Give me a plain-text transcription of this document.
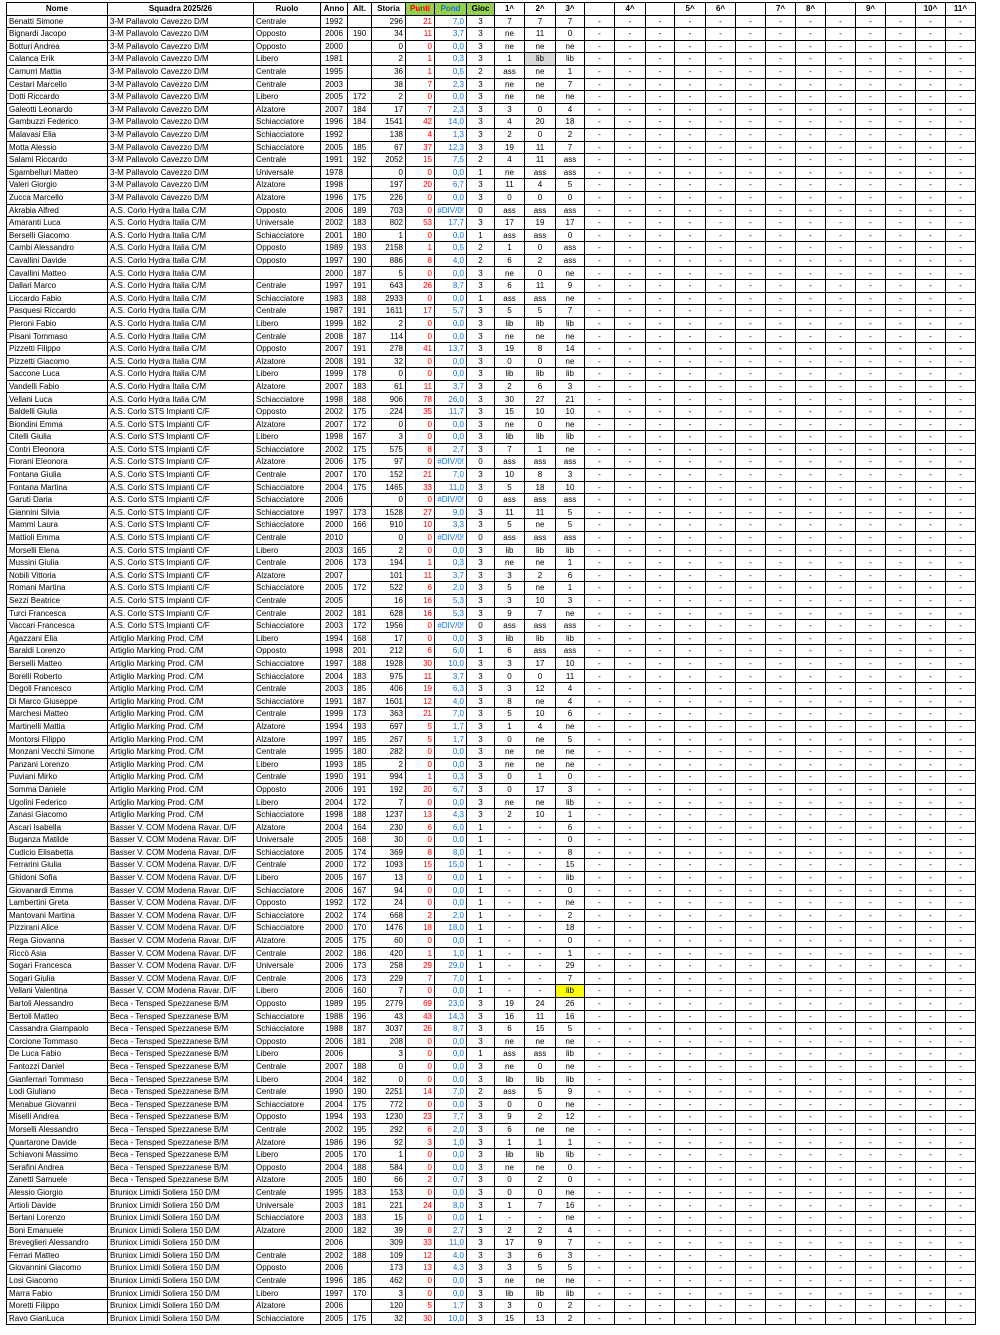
Nome	Squadra 2025/26	Ruolo	Anno	Alt.	Storia	Punti	Pond	Gioc	1^	2^	3^		4^		5^	6^		7^	8^		9^		10^	11^
Benatti Simone	3-M Pallavolo Cavezzo D/M	Centrale	1992		296	21	7,0	3	7	7	7	-	-	-	-	-	-	-	-	-	-	-	-	-
Bignardi Jacopo	3-M Pallavolo Cavezzo D/M	Opposto	2006	190	34	11	3,7	3	ne	11	0	-	-	-	-	-	-	-	-	-	-	-	-	-
Botturi Andrea	3-M Pallavolo Cavezzo D/M	Opposto	2000		0	0	0,0	3	ne	ne	ne	-	-	-	-	-	-	-	-	-	-	-	-	-
Calanca Erik	3-M Pallavolo Cavezzo D/M	Libero	1981		2	1	0,3	3	1	lib	lib	-	-	-	-	-	-	-	-	-	-	-	-	-
Camurri Mattia	3-M Pallavolo Cavezzo D/M	Centrale	1995		36	1	0,5	2	ass	ne	1	-	-	-	-	-	-	-	-	-	-	-	-	-
Cestari Marcello	3-M Pallavolo Cavezzo D/M	Centrale	2003		38	7	2,3	3	ne	ne	7	-	-	-	-	-	-	-	-	-	-	-	-	-
Dotti Riccardo	3-M Pallavolo Cavezzo D/M	Libero	2005	172	2	0	0,0	3	ne	ne	ne	-	-	-	-	-	-	-	-	-	-	-	-	-
Galeotti Leonardo	3-M Pallavolo Cavezzo D/M	Alzatore	2007	184	17	7	2,3	3	3	0	4	-	-	-	-	-	-	-	-	-	-	-	-	-
Gambuzzi Federico	3-M Pallavolo Cavezzo D/M	Schiacciatore	1996	184	1541	42	14,0	3	4	20	18	-	-	-	-	-	-	-	-	-	-	-	-	-
Malavasi Elia	3-M Pallavolo Cavezzo D/M	Schiacciatore	1992		138	4	1,3	3	2	0	2	-	-	-	-	-	-	-	-	-	-	-	-	-
Motta Alessio	3-M Pallavolo Cavezzo D/M	Schiacciatore	2005	185	67	37	12,3	3	19	11	7	-	-	-	-	-	-	-	-	-	-	-	-	-
Salami Riccardo	3-M Pallavolo Cavezzo D/M	Centrale	1991	192	2052	15	7,5	2	4	11	ass	-	-	-	-	-	-	-	-	-	-	-	-	-
Sgambelluri Matteo	3-M Pallavolo Cavezzo D/M	Universale	1978		0	0	0,0	1	ne	ass	ass	-	-	-	-	-	-	-	-	-	-	-	-	-
Valeri Giorgio	3-M Pallavolo Cavezzo D/M	Alzatore	1998		197	20	6,7	3	11	4	5	-	-	-	-	-	-	-	-	-	-	-	-	-
Zucca Marcello	3-M Pallavolo Cavezzo D/M	Alzatore	1996	175	226	0	0,0	3	0	0	0	-	-	-	-	-	-	-	-	-	-	-	-	-
Akrabia Alfred	A.S. Corlo Hydra Italia C/M	Opposto	2006	189	703	0	#DIV/0!	0	ass	ass	ass	-	-	-	-	-	-	-	-	-	-	-	-	-
Amaranti Luca	A.S. Corlo Hydra Italia C/M	Universale	2002	183	802	53	17,7	3	17	19	17	-	-	-	-	-	-	-	-	-	-	-	-	-
Berselli Giacomo	A.S. Corlo Hydra Italia C/M	Schiacciatore	2001	180	1	0	0,0	1	ass	ass	0	-	-	-	-	-	-	-	-	-	-	-	-	-
Cambi Alessandro	A.S. Corlo Hydra Italia C/M	Opposto	1989	193	2158	1	0,5	2	1	0	ass	-	-	-	-	-	-	-	-	-	-	-	-	-
Cavallini Davide	A.S. Corlo Hydra Italia C/M	Opposto	1997	190	886	8	4,0	2	6	2	ass	-	-	-	-	-	-	-	-	-	-	-	-	-
Cavallini Matteo	A.S. Corlo Hydra Italia C/M		2000	187	5	0	0,0	3	ne	0	ne	-	-	-	-	-	-	-	-	-	-	-	-	-
Dallari Marco	A.S. Corlo Hydra Italia C/M	Centrale	1997	191	643	26	8,7	3	6	11	9	-	-	-	-	-	-	-	-	-	-	-	-	-
Liccardo Fabio	A.S. Corlo Hydra Italia C/M	Schiacciatore	1983	188	2933	0	0,0	1	ass	ass	ne	-	-	-	-	-	-	-	-	-	-	-	-	-
Pasquesi Riccardo	A.S. Corlo Hydra Italia C/M	Centrale	1987	191	1611	17	5,7	3	5	5	7	-	-	-	-	-	-	-	-	-	-	-	-	-
Pieroni Fabio	A.S. Corlo Hydra Italia C/M	Libero	1999	182	2	0	0,0	3	lib	lib	lib	-	-	-	-	-	-	-	-	-	-	-	-	-
Pisani Tommaso	A.S. Corlo Hydra Italia C/M	Centrale	2008	187	114	0	0,0	3	ne	ne	ne	-	-	-	-	-	-	-	-	-	-	-	-	-
Pizzetti Filippo	A.S. Corlo Hydra Italia C/M	Opposto	2007	191	278	41	13,7	3	19	8	14	-	-	-	-	-	-	-	-	-	-	-	-	-
Pizzetti Giacomo	A.S. Corlo Hydra Italia C/M	Alzatore	2008	191	32	0	0,0	3	0	0	ne	-	-	-	-	-	-	-	-	-	-	-	-	-
Saccone Luca	A.S. Corlo Hydra Italia C/M	Libero	1999	178	0	0	0,0	3	lib	lib	lib	-	-	-	-	-	-	-	-	-	-	-	-	-
Vandelli Fabio	A.S. Corlo Hydra Italia C/M	Alzatore	2007	183	61	11	3,7	3	2	6	3	-	-	-	-	-	-	-	-	-	-	-	-	-
Vellani Luca	A.S. Corlo Hydra Italia C/M	Schiacciatore	1998	188	906	78	26,0	3	30	27	21	-	-	-	-	-	-	-	-	-	-	-	-	-
Baldelli Giulia	A.S. Corlo STS Impianti C/F	Opposto	2002	175	224	35	11,7	3	15	10	10	-	-	-	-	-	-	-	-	-	-	-	-	-
Biondini Emma	A.S. Corlo STS Impianti C/F	Alzatore	2007	172	0	0	0,0	3	ne	0	ne	-	-	-	-	-	-	-	-	-	-	-	-	-
Citelli Giulia	A.S. Corlo STS Impianti C/F	Libero	1998	167	3	0	0,0	3	lib	lib	lib	-	-	-	-	-	-	-	-	-	-	-	-	-
Contri Eleonora	A.S. Corlo STS Impianti C/F	Schiacciatore	2002	175	575	8	2,7	3	7	1	ne	-	-	-	-	-	-	-	-	-	-	-	-	-
Fiorani Eleonora	A.S. Corlo STS Impianti C/F	Alzatore	2006	175	97	0	#DIV/0!	0	ass	ass	ass	-	-	-	-	-	-	-	-	-	-	-	-	-
Fontana Giulia	A.S. Corlo STS Impianti C/F	Centrale	2007	170	152	21	7,0	3	10	8	3	-	-	-	-	-	-	-	-	-	-	-	-	-
Fontana Martina	A.S. Corlo STS Impianti C/F	Schiacciatore	2004	175	1465	33	11,0	3	5	18	10	-	-	-	-	-	-	-	-	-	-	-	-	-
Garuti Daria	A.S. Corlo STS Impianti C/F	Schiacciatore	2006		0	0	#DIV/0!	0	ass	ass	ass	-	-	-	-	-	-	-	-	-	-	-	-	-
Giannini Silvia	A.S. Corlo STS Impianti C/F	Schiacciatore	1997	173	1528	27	9,0	3	11	11	5	-	-	-	-	-	-	-	-	-	-	-	-	-
Mammi Laura	A.S. Corlo STS Impianti C/F	Schiacciatore	2000	166	910	10	3,3	3	5	ne	5	-	-	-	-	-	-	-	-	-	-	-	-	-
Mattioli Emma	A.S. Corlo STS Impianti C/F	Centrale	2010		0	0	#DIV/0!	0	ass	ass	ass	-	-	-	-	-	-	-	-	-	-	-	-	-
Morselli Elena	A.S. Corlo STS Impianti C/F	Libero	2003	165	2	0	0,0	3	lib	lib	lib	-	-	-	-	-	-	-	-	-	-	-	-	-
Mussini Giulia	A.S. Corlo STS Impianti C/F	Centrale	2006	173	194	1	0,3	3	ne	ne	1	-	-	-	-	-	-	-	-	-	-	-	-	-
Nobili Vittoria	A.S. Corlo STS Impianti C/F	Alzatore	2007		101	11	3,7	3	3	2	6	-	-	-	-	-	-	-	-	-	-	-	-	-
Romani Martina	A.S. Corlo STS Impianti C/F	Schiacciatore	2005	172	522	6	2,0	3	5	ne	1	-	-	-	-	-	-	-	-	-	-	-	-	-
Sezzi Beatrice	A.S. Corlo STS Impianti C/F	Centrale	2005		16	16	5,3	3	3	10	3	-	-	-	-	-	-	-	-	-	-	-	-	-
Turci Francesca	A.S. Corlo STS Impianti C/F	Centrale	2002	181	628	16	5,3	3	9	7	ne	-	-	-	-	-	-	-	-	-	-	-	-	-
Vaccari Francesca	A.S. Corlo STS Impianti C/F	Schiacciatore	2003	172	1956	0	#DIV/0!	0	ass	ass	ass	-	-	-	-	-	-	-	-	-	-	-	-	-
Agazzani Elia	Artiglio Marking Prod. C/M	Libero	1994	168	17	0	0,0	3	lib	lib	lib	-	-	-	-	-	-	-	-	-	-	-	-	-
Baraldi Lorenzo	Artiglio Marking Prod. C/M	Opposto	1998	201	212	6	6,0	1	6	ass	ass	-	-	-	-	-	-	-	-	-	-	-	-	-
Berselli Matteo	Artiglio Marking Prod. C/M	Schiacciatore	1997	188	1928	30	10,0	3	3	17	10	-	-	-	-	-	-	-	-	-	-	-	-	-
Borelli Roberto	Artiglio Marking Prod. C/M	Schiacciatore	2004	183	975	11	3,7	3	0	0	11	-	-	-	-	-	-	-	-	-	-	-	-	-
Degoli Francesco	Artiglio Marking Prod. C/M	Centrale	2003	185	406	19	6,3	3	3	12	4	-	-	-	-	-	-	-	-	-	-	-	-	-
Di Marco Giuseppe	Artiglio Marking Prod. C/M	Schiacciatore	1991	187	1601	12	4,0	3	8	ne	4	-	-	-	-	-	-	-	-	-	-	-	-	-
Marchesi Matteo	Artiglio Marking Prod. C/M	Centrale	1999	173	363	21	7,0	3	5	10	6	-	-	-	-	-	-	-	-	-	-	-	-	-
Martinelli Mattia	Artiglio Marking Prod. C/M	Alzatore	1994	193	697	5	1,7	3	1	4	ne	-	-	-	-	-	-	-	-	-	-	-	-	-
Montorsi Filippo	Artiglio Marking Prod. C/M	Alzatore	1997	185	267	5	1,7	3	0	ne	5	-	-	-	-	-	-	-	-	-	-	-	-	-
Monzani Vecchi Simone	Artiglio Marking Prod. C/M	Centrale	1995	180	282	0	0,0	3	ne	ne	ne	-	-	-	-	-	-	-	-	-	-	-	-	-
Panzani Lorenzo	Artiglio Marking Prod. C/M	Libero	1993	185	2	0	0,0	3	ne	ne	ne	-	-	-	-	-	-	-	-	-	-	-	-	-
Puviani Mirko	Artiglio Marking Prod. C/M	Centrale	1990	191	994	1	0,3	3	0	1	0	-	-	-	-	-	-	-	-	-	-	-	-	-
Somma Daniele	Artiglio Marking Prod. C/M	Opposto	2006	191	192	20	6,7	3	0	17	3	-	-	-	-	-	-	-	-	-	-	-	-	-
Ugolini Federico	Artiglio Marking Prod. C/M	Libero	2004	172	7	0	0,0	3	ne	ne	lib	-	-	-	-	-	-	-	-	-	-	-	-	-
Zanasi Giacomo	Artiglio Marking Prod. C/M	Schiacciatore	1998	188	1237	13	4,3	3	2	10	1	-	-	-	-	-	-	-	-	-	-	-	-	-
Ascari Isabella	Basser V. COM Modena Ravar. D/F	Alzatore	2004	164	230	6	6,0	1	-	-	6	-	-	-	-	-	-	-	-	-	-	-	-	-
Buganza Matilde	Basser V. COM Modena Ravar. D/F	Universale	2005	168	30	0	0,0	1	-	-	0	-	-	-	-	-	-	-	-	-	-	-	-	-
Cudicio Elisabetta	Basser V. COM Modena Ravar. D/F	Schiacciatore	2005	174	369	8	8,0	1	-	-	8	-	-	-	-	-	-	-	-	-	-	-	-	-
Ferrarini Giulia	Basser V. COM Modena Ravar. D/F	Centrale	2000	172	1093	15	15,0	1	-	-	15	-	-	-	-	-	-	-	-	-	-	-	-	-
Ghidoni Sofia	Basser V. COM Modena Ravar. D/F	Libero	2005	167	13	0	0,0	1	-	-	lib	-	-	-	-	-	-	-	-	-	-	-	-	-
Giovanardi Emma	Basser V. COM Modena Ravar. D/F	Schiacciatore	2006	167	94	0	0,0	1	-	-	0	-	-	-	-	-	-	-	-	-	-	-	-	-
Lambertini Greta	Basser V. COM Modena Ravar. D/F	Opposto	1992	172	24	0	0,0	1	-	-	ne	-	-	-	-	-	-	-	-	-	-	-	-	-
Mantovani Martina	Basser V. COM Modena Ravar. D/F	Schiacciatore	2002	174	668	2	2,0	1	-	-	2	-	-	-	-	-	-	-	-	-	-	-	-	-
Pizzirani Alice	Basser V. COM Modena Ravar. D/F	Schiacciatore	2000	170	1476	18	18,0	1	-	-	18	-	-	-	-	-	-	-	-	-	-	-	-	-
Rega Giovanna	Basser V. COM Modena Ravar. D/F	Alzatore	2005	175	60	0	0,0	1	-	-	0	-	-	-	-	-	-	-	-	-	-	-	-	-
Riccò Asia	Basser V. COM Modena Ravar. D/F	Centrale	2002	186	420	1	1,0	1	-	-	1	-	-	-	-	-	-	-	-	-	-	-	-	-
Sogari Francesca	Basser V. COM Modena Ravar. D/F	Universale	2006	173	258	29	29,0	1	-	-	29	-	-	-	-	-	-	-	-	-	-	-	-	-
Sogari Giulia	Basser V. COM Modena Ravar. D/F	Centrale	2006	173	229	7	7,0	1	-	-	7	-	-	-	-	-	-	-	-	-	-	-	-	-
Vellani Valentina	Basser V. COM Modena Ravar. D/F	Libero	2006	160	7	0	0,0	1	-	-	lib	-	-	-	-	-	-	-	-	-	-	-	-	-
Bartoli Alessandro	Beca - Tensped Spezzanese B/M	Opposto	1989	195	2779	69	23,0	3	19	24	26	-	-	-	-	-	-	-	-	-	-	-	-	-
Bertoli Matteo	Beca - Tensped Spezzanese B/M	Schiacciatore	1988	196	43	43	14,3	3	16	11	16	-	-	-	-	-	-	-	-	-	-	-	-	-
Cassandra Giampaolo	Beca - Tensped Spezzanese B/M	Schiacciatore	1988	187	3037	26	8,7	3	6	15	5	-	-	-	-	-	-	-	-	-	-	-	-	-
Corcione Tommaso	Beca - Tensped Spezzanese B/M	Opposto	2006	181	208	0	0,0	3	ne	ne	ne	-	-	-	-	-	-	-	-	-	-	-	-	-
De Luca Fabio	Beca - Tensped Spezzanese B/M	Libero	2006		3	0	0,0	1	ass	ass	lib	-	-	-	-	-	-	-	-	-	-	-	-	-
Fantozzi Daniel	Beca - Tensped Spezzanese B/M	Centrale	2007	188	0	0	0,0	3	ne	0	ne	-	-	-	-	-	-	-	-	-	-	-	-	-
Gianferrari Tommaso	Beca - Tensped Spezzanese B/M	Libero	2004	182	0	0	0,0	3	lib	lib	lib	-	-	-	-	-	-	-	-	-	-	-	-	-
Lodi Giuliano	Beca - Tensped Spezzanese B/M	Centrale	1990	190	2251	14	7,0	2	ass	5	9	-	-	-	-	-	-	-	-	-	-	-	-	-
Menabue Giovanni	Beca - Tensped Spezzanese B/M	Schiacciatore	2004	175	772	0	0,0	3	0	0	ne	-	-	-	-	-	-	-	-	-	-	-	-	-
Miselli Andrea	Beca - Tensped Spezzanese B/M	Opposto	1994	193	1230	23	7,7	3	9	2	12	-	-	-	-	-	-	-	-	-	-	-	-	-
Morselli Alessandro	Beca - Tensped Spezzanese B/M	Centrale	2002	195	292	6	2,0	3	6	ne	ne	-	-	-	-	-	-	-	-	-	-	-	-	-
Quartarone Davide	Beca - Tensped Spezzanese B/M	Alzatore	1986	196	92	3	1,0	3	1	1	1	-	-	-	-	-	-	-	-	-	-	-	-	-
Schiavoni Massimo	Beca - Tensped Spezzanese B/M	Libero	2005	170	1	0	0,0	3	lib	lib	lib	-	-	-	-	-	-	-	-	-	-	-	-	-
Serafini Andrea	Beca - Tensped Spezzanese B/M	Opposto	2004	188	584	0	0,0	3	ne	ne	0	-	-	-	-	-	-	-	-	-	-	-	-	-
Zanetti Samuele	Beca - Tensped Spezzanese B/M	Alzatore	2005	180	66	2	0,7	3	0	2	0	-	-	-	-	-	-	-	-	-	-	-	-	-
Alessio Giorgio	Bruniox Limidi Soliera 150 D/M	Centrale	1995	183	153	0	0,0	3	0	0	ne	-	-	-	-	-	-	-	-	-	-	-	-	-
Artioli Davide	Bruniox Limidi Soliera 150 D/M	Universale	2003	181	221	24	8,0	3	1	7	16	-	-	-	-	-	-	-	-	-	-	-	-	-
Bertani Lorenzo	Bruniox Limidi Soliera 150 D/M	Schiacciatore	2003	183	15	0	0,0	1	-	-	ne	-	-	-	-	-	-	-	-	-	-	-	-	-
Boni Emanuele	Bruniox Limidi Soliera 150 D/M	Alzatore	2000	182	39	8	2,7	3	2	2	4	-	-	-	-	-	-	-	-	-	-	-	-	-
Breveglieri Alessandro	Bruniox Limidi Soliera 150 D/M		2006		309	33	11,0	3	17	9	7	-	-	-	-	-	-	-	-	-	-	-	-	-
Ferrari Matteo	Bruniox Limidi Soliera 150 D/M	Centrale	2002	188	109	12	4,0	3	3	6	3	-	-	-	-	-	-	-	-	-	-	-	-	-
Giovannini Giacomo	Bruniox Limidi Soliera 150 D/M	Opposto	2006		173	13	4,3	3	3	5	5	-	-	-	-	-	-	-	-	-	-	-	-	-
Losi Giacomo	Bruniox Limidi Soliera 150 D/M	Centrale	1996	185	462	0	0,0	3	ne	ne	ne	-	-	-	-	-	-	-	-	-	-	-	-	-
Marra Fabio	Bruniox Limidi Soliera 150 D/M	Libero	1997	170	3	0	0,0	3	lib	lib	lib	-	-	-	-	-	-	-	-	-	-	-	-	-
Moretti Filippo	Bruniox Limidi Soliera 150 D/M	Alzatore	2006		120	5	1,7	3	3	0	2	-	-	-	-	-	-	-	-	-	-	-	-	-
Ravo GianLuca	Bruniox Limidi Soliera 150 D/M	Schiacciatore	2005	175	32	30	10,0	3	15	13	2	-	-	-	-	-	-	-	-	-	-	-	-	-
